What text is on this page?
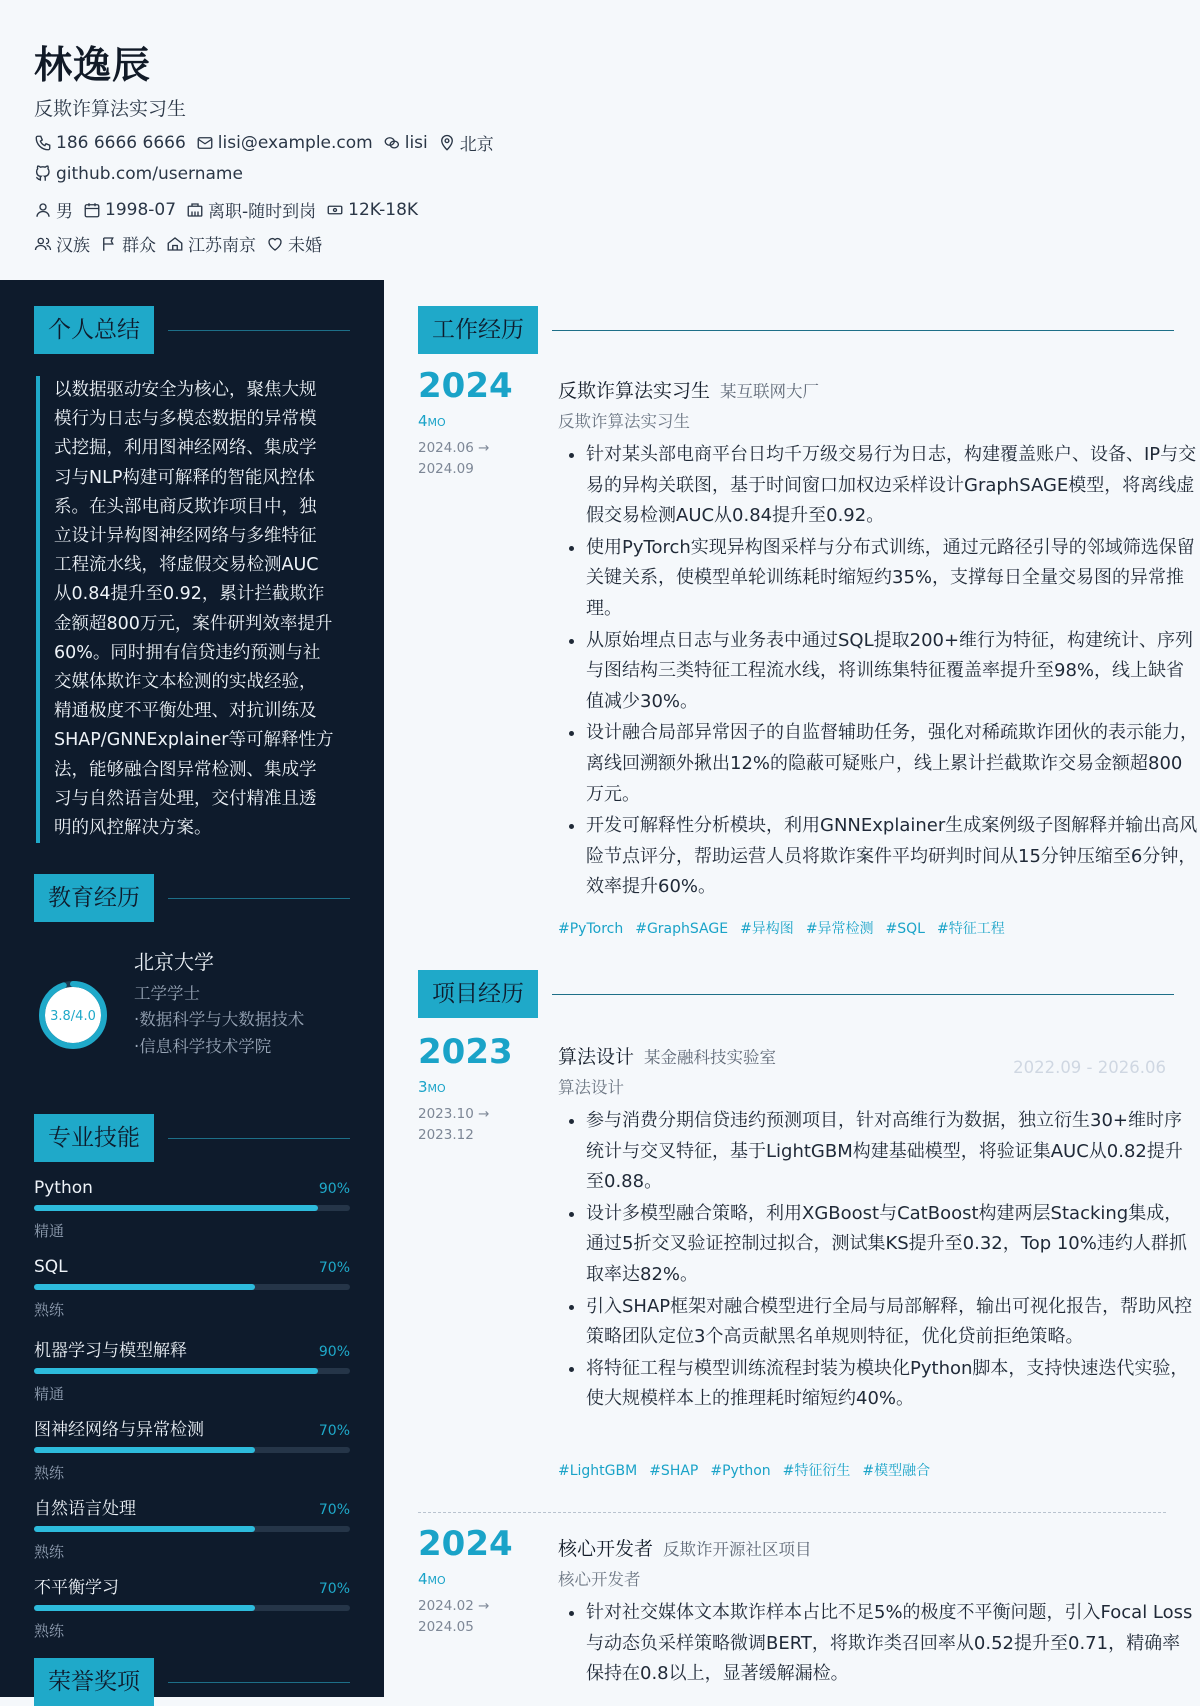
林逸辰
反欺诈算法实习生
186 6666 6666 lisi@example.com lisi 北京
github.com/username
男 1998-07 离职-随时到岗 12K-18K
汉族 群众 江苏南京 未婚
个人总结
以数据驱动安全为核心，聚焦大规
模行为日志与多模态数据的异常模
式挖掘，利用图神经网络、集成学
习与NLP构建可解释的智能风控体
系。在头部电商反欺诈项目中，独
立设计异构图神经网络与多维特征
工程流水线，将虚假交易检测AUC
从0.84提升至0.92，累计拦截欺诈
金额超800万元，案件研判效率提升
60%。同时拥有信贷违约预测与社
交媒体欺诈文本检测的实战经验，
精通极度不平衡处理、对抗训练及
SHAP/GNNExplainer等可解释性方
法，能够融合图异常检测、集成学
习与自然语言处理，交付精准且透
明的风控解决方案。
教育经历
3.8/4.0
北京大学
工学学士
·数据科学与大数据技术
·信息科学技术学院
2022.09 - 2026.06
专业技能
Python	90%
精通
SQL	70%
熟练
机器学习与模型解释	90%
精通
图神经网络与异常检测	70%
熟练
自然语言处理	70%
熟练
不平衡学习	70%
熟练
荣誉奖项
工作经历
2024
4MO
2024.06 →
2024.09
反欺诈算法实习生 某互联网大厂
反欺诈算法实习生
• 针对某头部电商平台日均千万级交易行为日志，构建覆盖账户、设备、IP与交易的异构关联图，基于时间窗口加权边采样设计GraphSAGE模型，将离线虚假交易检测AUC从0.84提升至0.92。
• 使用PyTorch实现异构图采样与分布式训练，通过元路径引导的邻域筛选保留关键关系，使模型单轮训练耗时缩短约35%，支撑每日全量交易图的异常推理。
• 从原始埋点日志与业务表中通过SQL提取200+维行为特征，构建统计、序列与图结构三类特征工程流水线，将训练集特征覆盖率提升至98%，线上缺省值减少30%。
• 设计融合局部异常因子的自监督辅助任务，强化对稀疏欺诈团伙的表示能力，离线回溯额外揪出12%的隐蔽可疑账户，线上累计拦截欺诈交易金额超800万元。
• 开发可解释性分析模块，利用GNNExplainer生成案例级子图解释并输出高风险节点评分，帮助运营人员将欺诈案件平均研判时间从15分钟压缩至6分钟，效率提升60%。
#PyTorch #GraphSAGE #异构图 #异常检测 #SQL #特征工程
项目经历
2023
3MO
2023.10 →
2023.12
算法设计 某金融科技实验室
算法设计
• 参与消费分期信贷违约预测项目，针对高维行为数据，独立衍生30+维时序统计与交叉特征，基于LightGBM构建基础模型，将验证集AUC从0.82提升至0.88。
• 设计多模型融合策略，利用XGBoost与CatBoost构建两层Stacking集成，通过5折交叉验证控制过拟合，测试集KS提升至0.32，Top 10%违约人群抓取率达82%。
• 引入SHAP框架对融合模型进行全局与局部解释，输出可视化报告，帮助风控策略团队定位3个高贡献黑名单规则特征，优化贷前拒绝策略。
• 将特征工程与模型训练流程封装为模块化Python脚本，支持快速迭代实验，使大规模样本上的推理耗时缩短约40%。
#LightGBM #SHAP #Python #特征衍生 #模型融合
2024
4MO
2024.02 →
2024.05
核心开发者 反欺诈开源社区项目
核心开发者
• 针对社交媒体文本欺诈样本占比不足5%的极度不平衡问题，引入Focal Loss与动态负采样策略微调BERT，将欺诈类召回率从0.52提升至0.71，精确率保持在0.8以上，显著缓解漏检。
